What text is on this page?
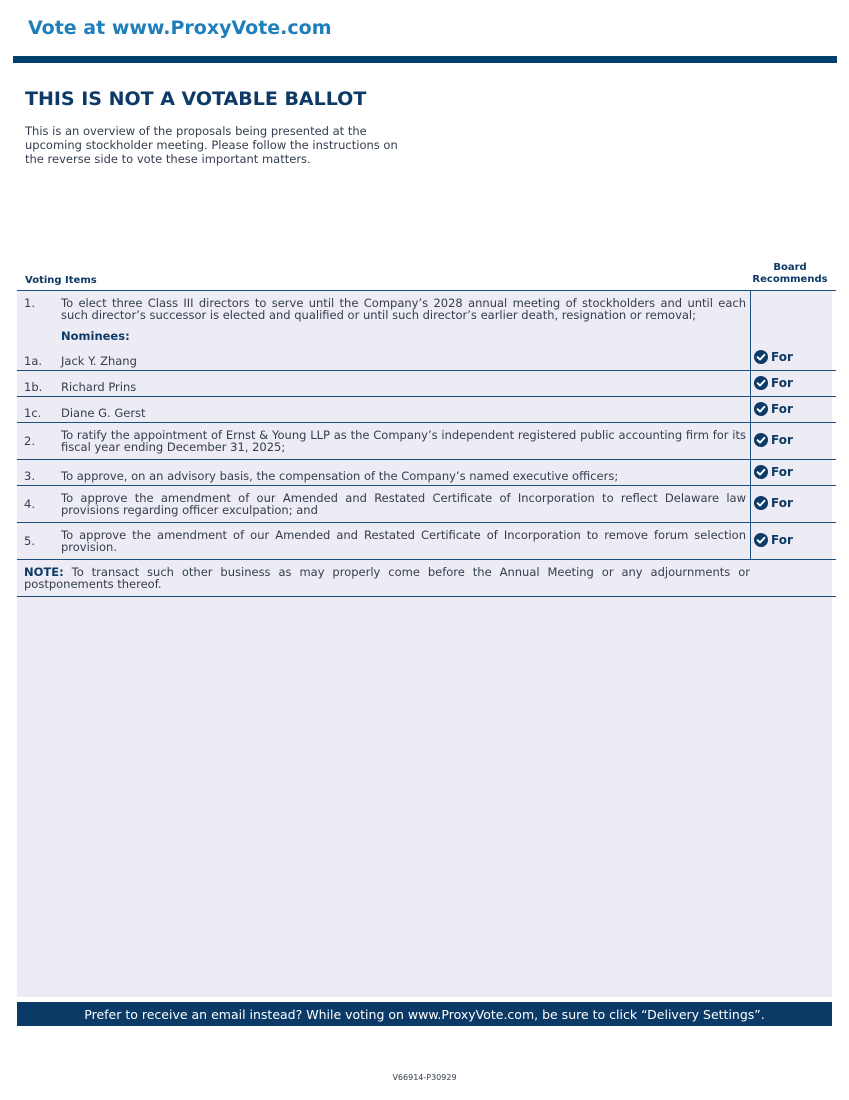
Vote at www.ProxyVote.com
THIS IS NOT A VOTABLE BALLOT

This is an overview of the proposals being presented at the upcoming stockholder meeting. Please follow the instructions on the reverse side to vote these important matters.

Voting Items
Board
Recommends
1.	To elect three Class III directors to serve until the Company’s 2028 annual meeting of stockholders and until each such director’s successor is elected and qualified or until such director’s earlier death, resignation or removal;	
	Nominees:	
1a.	Jack Y. Zhang	For

1b.	Richard Prins	For

1c.	Diane G. Gerst	For

2.	To ratify the appointment of Ernst & Young LLP as the Company’s independent registered public accounting firm for its fiscal year ending December 31, 2025;	For

3.	To approve, on an advisory basis, the compensation of the Company’s named executive officers;	For

4.	To approve the amendment of our Amended and Restated Certificate of Incorporation to reflect Delaware law provisions regarding officer exculpation; and	For

5.	To approve the amendment of our Amended and Restated Certificate of Incorporation to remove forum selection provision.	For

NOTE: To transact such other business as may properly come before the Annual Meeting or any adjournments or postponements thereof.		
Prefer to receive an email instead? While voting on www.ProxyVote.com, be sure to click “Delivery Settings”.
V66914-P30929
